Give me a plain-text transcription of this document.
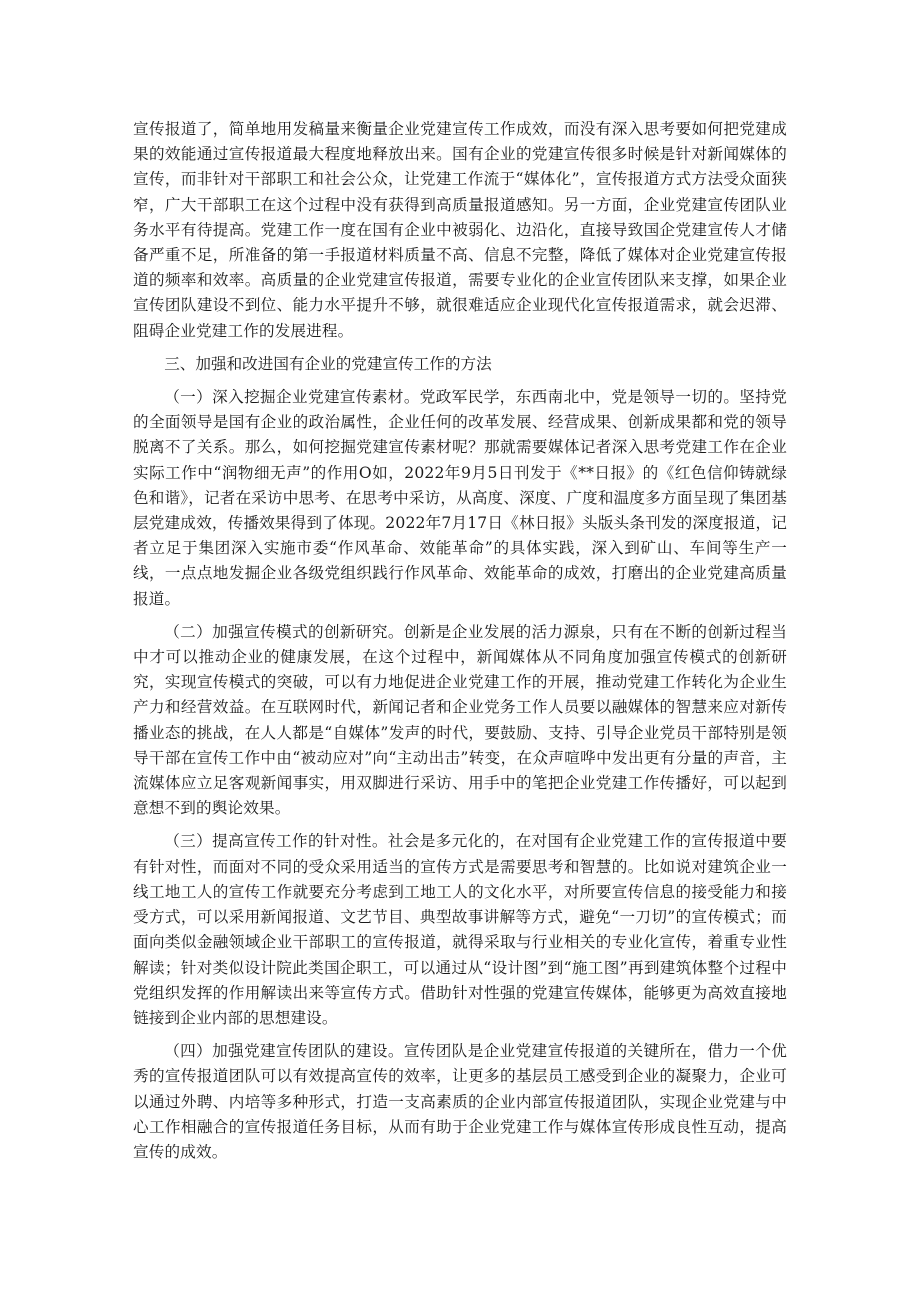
宣传报道了，简单地用发稿量来衡量企业党建宣传工作成效，而没有深入思考要如何把党建成果的效能通过宣传报道最大程度地释放出来。国有企业的党建宣传很多时候是针对新闻媒体的宣传，而非针对干部职工和社会公众，让党建工作流于“媒体化”，宣传报道方式方法受众面狭窄，广大干部职工在这个过程中没有获得到高质量报道感知。另一方面，企业党建宣传团队业务水平有待提高。党建工作一度在国有企业中被弱化、边沿化，直接导致国企党建宣传人才储备严重不足，所准备的第一手报道材料质量不高、信息不完整，降低了媒体对企业党建宣传报道的频率和效率。高质量的企业党建宣传报道，需要专业化的企业宣传团队来支撑，如果企业宣传团队建设不到位、能力水平提升不够，就很难适应企业现代化宣传报道需求，就会迟滞、阻碍企业党建工作的发展进程。

三、加强和改进国有企业的党建宣传工作的方法

（一）深入挖掘企业党建宣传素材。党政军民学，东西南北中，党是领导一切的。坚持党的全面领导是国有企业的政治属性，企业任何的改革发展、经营成果、创新成果都和党的领导脱离不了关系。那么，如何挖掘党建宣传素材呢？那就需要媒体记者深入思考党建工作在企业实际工作中“润物细无声”的作用O如，2022年9月5日刊发于《**日报》的《红色信仰铸就绿色和谐》，记者在采访中思考、在思考中采访，从高度、深度、广度和温度多方面呈现了集团基层党建成效，传播效果得到了体现。2022年7月17日《林日报》头版头条刊发的深度报道，记者立足于集团深入实施市委“作风革命、效能革命”的具体实践，深入到矿山、车间等生产一线，一点点地发掘企业各级党组织践行作风革命、效能革命的成效，打磨出的企业党建高质量报道。

（二）加强宣传模式的创新研究。创新是企业发展的活力源泉，只有在不断的创新过程当中才可以推动企业的健康发展，在这个过程中，新闻媒体从不同角度加强宣传模式的创新研究，实现宣传模式的突破，可以有力地促进企业党建工作的开展，推动党建工作转化为企业生产力和经营效益。在互联网时代，新闻记者和企业党务工作人员要以融媒体的智慧来应对新传播业态的挑战，在人人都是“自媒体”发声的时代，要鼓励、支持、引导企业党员干部特别是领导干部在宣传工作中由“被动应对”向“主动出击”转变，在众声喧哗中发出更有分量的声音，主流媒体应立足客观新闻事实，用双脚进行采访、用手中的笔把企业党建工作传播好，可以起到意想不到的舆论效果。

（三）提高宣传工作的针对性。社会是多元化的，在对国有企业党建工作的宣传报道中要有针对性，而面对不同的受众采用适当的宣传方式是需要思考和智慧的。比如说对建筑企业一线工地工人的宣传工作就要充分考虑到工地工人的文化水平，对所要宣传信息的接受能力和接受方式，可以采用新闻报道、文艺节目、典型故事讲解等方式，避免“一刀切”的宣传模式；而面向类似金融领域企业干部职工的宣传报道，就得采取与行业相关的专业化宣传，着重专业性解读；针对类似设计院此类国企职工，可以通过从“设计图”到“施工图”再到建筑体整个过程中党组织发挥的作用解读出来等宣传方式。借助针对性强的党建宣传媒体，能够更为高效直接地链接到企业内部的思想建设。

（四）加强党建宣传团队的建设。宣传团队是企业党建宣传报道的关键所在，借力一个优秀的宣传报道团队可以有效提高宣传的效率，让更多的基层员工感受到企业的凝聚力，企业可以通过外聘、内培等多种形式，打造一支高素质的企业内部宣传报道团队，实现企业党建与中心工作相融合的宣传报道任务目标，从而有助于企业党建工作与媒体宣传形成良性互动，提高宣传的成效。
